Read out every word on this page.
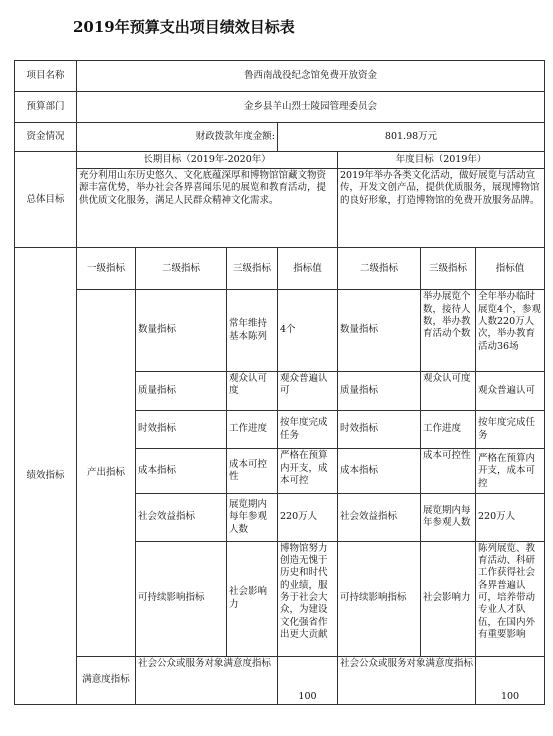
2019年预算支出项目绩效目标表
项目名称	鲁西南战役纪念馆免费开放资金						
预算部门	金乡县羊山烈士陵园管理委员会						
资金情况	财政拨款年度金额:			801.98万元			
总体目标	长期目标（2019年-2020年）				年度目标（2019年）		
	充分利用山东历史悠久、文化底蕴深厚和博物馆馆藏文物资源丰富优势，举办社会各界喜闻乐见的展览和教育活动，提供优质文化服务，满足人民群众精神文化需求。				2019年举办各类文化活动，做好展览与活动宣传，开发文创产品，提供优质服务，展现博物馆的良好形象，打造博物馆的免费开放服务品牌。		
绩效指标	一级指标	二级指标	三级指标	指标值	二级指标	三级指标	指标值
	产出指标	数量指标	常年维持基本陈列	4个	数量指标	举办展览个数，接待人数，举办教育活动个数	全年举办临时展览4个，参观人数220万人次，举办教育活动36场
		质量指标	观众认可度	观众普遍认可	质量指标	观众认可度	观众普遍认可
		时效指标	工作进度	按年度完成任务	时效指标	工作进度	按年度完成任务
		成本指标	成本可控性	严格在预算内开支，成本可控	成本指标	成本可控性	严格在预算内开支，成本可控
		社会效益指标	展览期内每年参观人数	220万人	社会效益指标	展览期内每年参观人数	220万人
		可持续影响指标	社会影响力	博物馆努力创造无愧于历史和时代的业绩，服务于社会大众，为建设文化强省作出更大贡献	可持续影响指标	社会影响力	陈列展览、教育活动、科研工作获得社会各界普遍认可，培养带动专业人才队伍，在国内外有重要影响
	满意度指标	社会公众或服务对象满意度指标		100	社会公众或服务对象满意度指标		100
